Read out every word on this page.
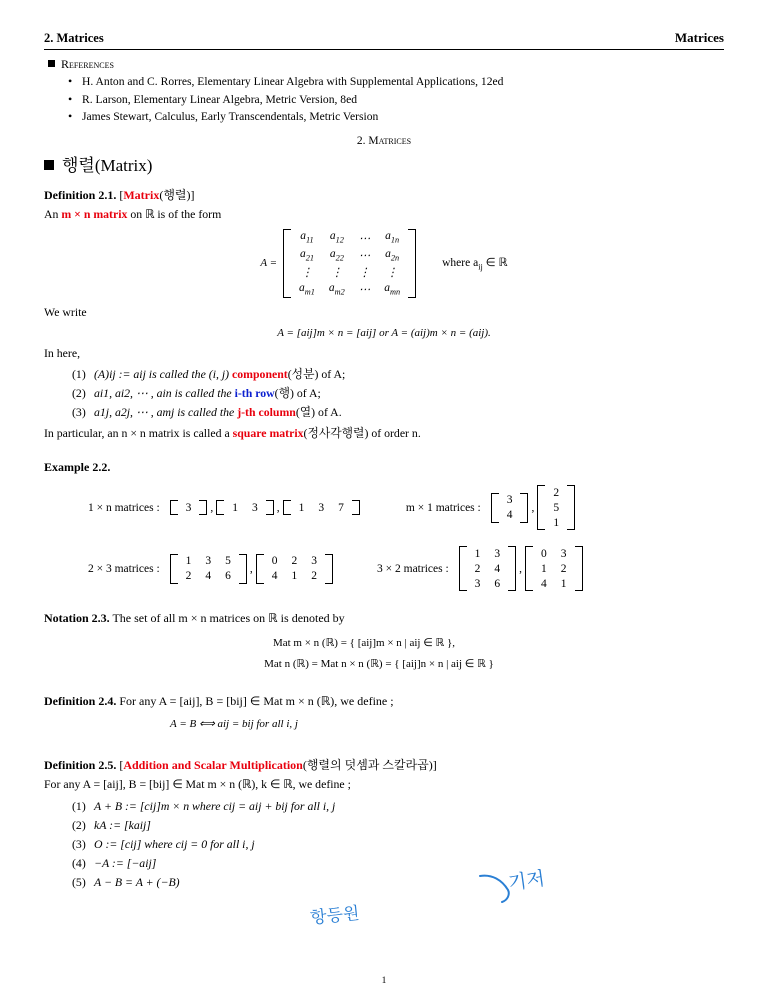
2. Matrices	Matrices
References
• H. Anton and C. Rorres, Elementary Linear Algebra with Supplemental Applications, 12ed
• R. Larson, Elementary Linear Algebra, Metric Version, 8ed
• James Stewart, Calculus, Early Transcendentals, Metric Version
2. Matrices
행렬(Matrix)
Definition 2.1. [Matrix(행렬)]
An m × n matrix on ℝ is of the form
A =
$a_{11}$	$a_{12}$	⋯	$a_{1n}$
$a_{21}$	$a_{22}$	⋯	$a_{2n}$
⋮	⋮	⋮	⋮
$a_{m1}$	$a_{m2}$	⋯	$a_{mn}$
where $a_{ij}$ ∈ ℝ
We write
A = [aij]m × n = [aij] or A = (aij)m × n = (aij).
In here,
(1) (A)ij := aij is called the (i, j) component(성분) of A;
(2) ai1, ai2, ⋯ , ain is called the i-th row(행) of A;
(3) a1j, a2j, ⋯ , amj is called the j-th column(열) of A.
In particular, an n × n matrix is called a square matrix(정사각행렬) of order n.
Example 2.2.
1 × n matrices : 3 , 1	3 , 1	3	7	m × 1 matrices :
3
4
,
2
5
1
2 × 3 matrices :
1	3	5
2	4	6
,
0	2	3
4	1	2
3 × 2 matrices :
1	3
2	4
3	6
,
0	3
1	2
4	1
Notation 2.3. The set of all m × n matrices on ℝ is denoted by
Mat m × n (ℝ) = { [aij]m × n | aij ∈ ℝ },
Mat n (ℝ) = Mat n × n (ℝ) = { [aij]n × n | aij ∈ ℝ }
Definition 2.4. For any A = [aij], B = [bij] ∈ Mat m × n (ℝ), we define ;
A = B ⟺ aij = bij for all i, j
Definition 2.5. [Addition and Scalar Multiplication(행렬의 덧셈과 스칼라곱)]
For any A = [aij], B = [bij] ∈ Mat m × n (ℝ), k ∈ ℝ, we define ;
(1) A + B := [cij]m × n where cij = aij + bij for all i, j
(2) kA := [kaij]
(3) O := [cij] where cij = 0 for all i, j
(4) −A := [−aij]
(5) A − B = A + (−B)	기저
항등원
1
